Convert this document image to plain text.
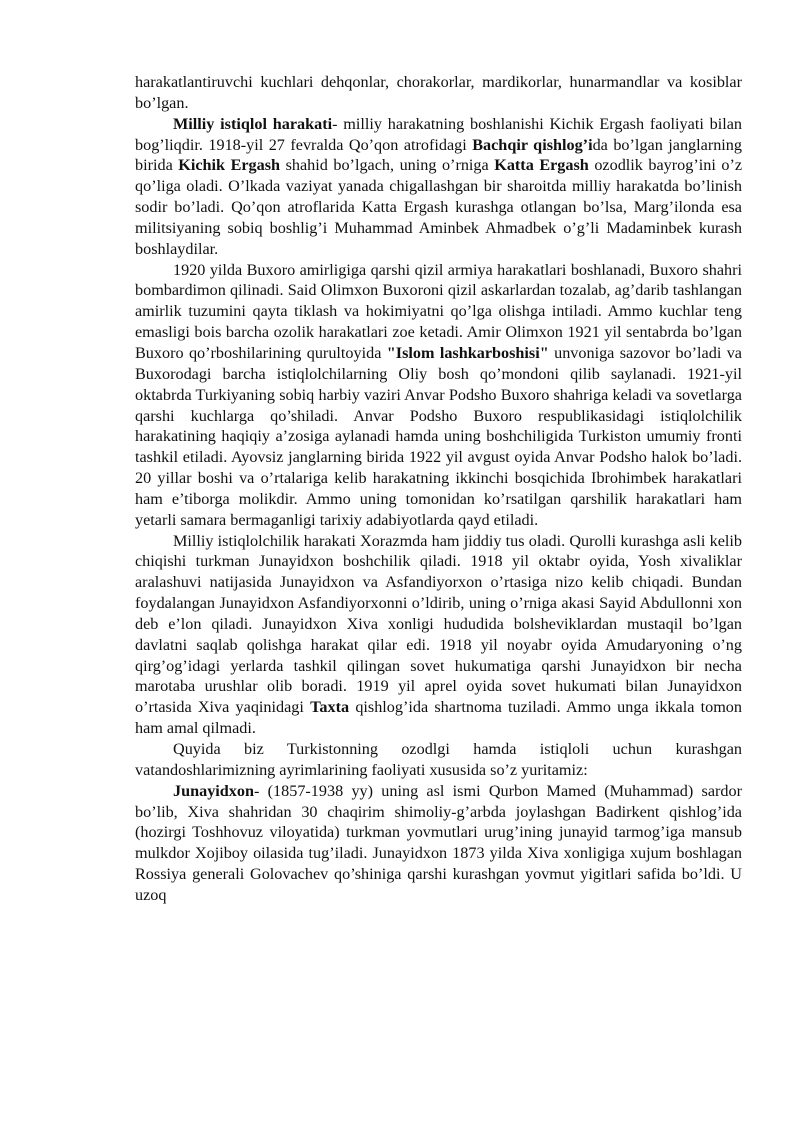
harakatlantiruvchi kuchlari dehqonlar, chorakorlar, mardikorlar, hunarmandlar va kosiblar bo’lgan.

Milliy istiqlol harakati- milliy harakatning boshlanishi Kichik Ergash faoliyati bilan bog’liqdir. 1918-yil 27 fevralda Qo’qon atrofidagi Bachqir qishlog’ida bo’lgan janglarning birida Kichik Ergash shahid bo’lgach, uning o’rniga Katta Ergash ozodlik bayrog’ini o’z qo’liga oladi. O’lkada vaziyat yanada chigallashgan bir sharoitda milliy harakatda bo’linish sodir bo’ladi. Qo’qon atroflarida Katta Ergash kurashga otlangan bo’lsa, Marg’ilonda esa militsiyaning sobiq boshlig’i Muhammad Aminbek Ahmadbek o’g’li Madaminbek kurash boshlaydilar.

1920 yilda Buxoro amirligiga qarshi qizil armiya harakatlari boshlanadi, Buxoro shahri bombardimon qilinadi. Said Olimxon Buxoroni qizil askarlardan tozalab, ag’darib tashlangan amirlik tuzumini qayta tiklash va hokimiyatni qo’lga olishga intiladi. Ammo kuchlar teng emasligi bois barcha ozolik harakatlari zoe ketadi. Amir Olimxon 1921 yil sentabrda bo’lgan Buxoro qo’rboshilarining qurultoyida "Islom lashkarboshisi" unvoniga sazovor bo’ladi va Buxorodagi barcha istiqlolchilarning Oliy bosh qo’mondoni qilib saylanadi. 1921-yil oktabrda Turkiyaning sobiq harbiy vaziri Anvar Podsho Buxoro shahriga keladi va sovetlarga qarshi kuchlarga qo’shiladi. Anvar Podsho Buxoro respublikasidagi istiqlolchilik harakatining haqiqiy a’zosiga aylanadi hamda uning boshchiligida Turkiston umumiy fronti tashkil etiladi. Ayovsiz janglarning birida 1922 yil avgust oyida Anvar Podsho halok bo’ladi. 20 yillar boshi va o’rtalariga kelib harakatning ikkinchi bosqichida Ibrohimbek harakatlari ham e’tiborga molikdir. Ammo uning tomonidan ko’rsatilgan qarshilik harakatlari ham yetarli samara bermaganligi tarixiy adabiyotlarda qayd etiladi.

Milliy istiqlolchilik harakati Xorazmda ham jiddiy tus oladi. Qurolli kurashga asli kelib chiqishi turkman Junayidxon boshchilik qiladi. 1918 yil oktabr oyida, Yosh xivaliklar aralashuvi natijasida Junayidxon va Asfandiyorxon o’rtasiga nizo kelib chiqadi. Bundan foydalangan Junayidxon Asfandiyorxonni o’ldirib, uning o’rniga akasi Sayid Abdullonni xon deb e’lon qiladi. Junayidxon Xiva xonligi hududida bolsheviklardan mustaqil bo’lgan davlatni saqlab qolishga harakat qilar edi. 1918 yil noyabr oyida Amudaryoning o’ng qirg’og’idagi yerlarda tashkil qilingan sovet hukumatiga qarshi Junayidxon bir necha marotaba urushlar olib boradi. 1919 yil aprel oyida sovet hukumati bilan Junayidxon o’rtasida Xiva yaqinidagi Taxta qishlog’ida shartnoma tuziladi. Ammo unga ikkala tomon ham amal qilmadi.

Quyida biz Turkistonning ozodlgi hamda istiqloli uchun kurashgan vatandoshlarimizning ayrimlarining faoliyati xususida so’z yuritamiz:

Junayidxon- (1857-1938 yy) uning asl ismi Qurbon Mamed (Muhammad) sardor bo’lib, Xiva shahridan 30 chaqirim shimoliy-g’arbda joylashgan Badirkent qishlog’ida (hozirgi Toshhovuz viloyatida) turkman yovmutlari urug’ining junayid tarmog’iga mansub mulkdor Xojiboy oilasida tug’iladi. Junayidxon 1873 yilda Xiva xonligiga xujum boshlagan Rossiya generali Golovachev qo’shiniga qarshi kurashgan yovmut yigitlari safida bo’ldi. U uzoq
